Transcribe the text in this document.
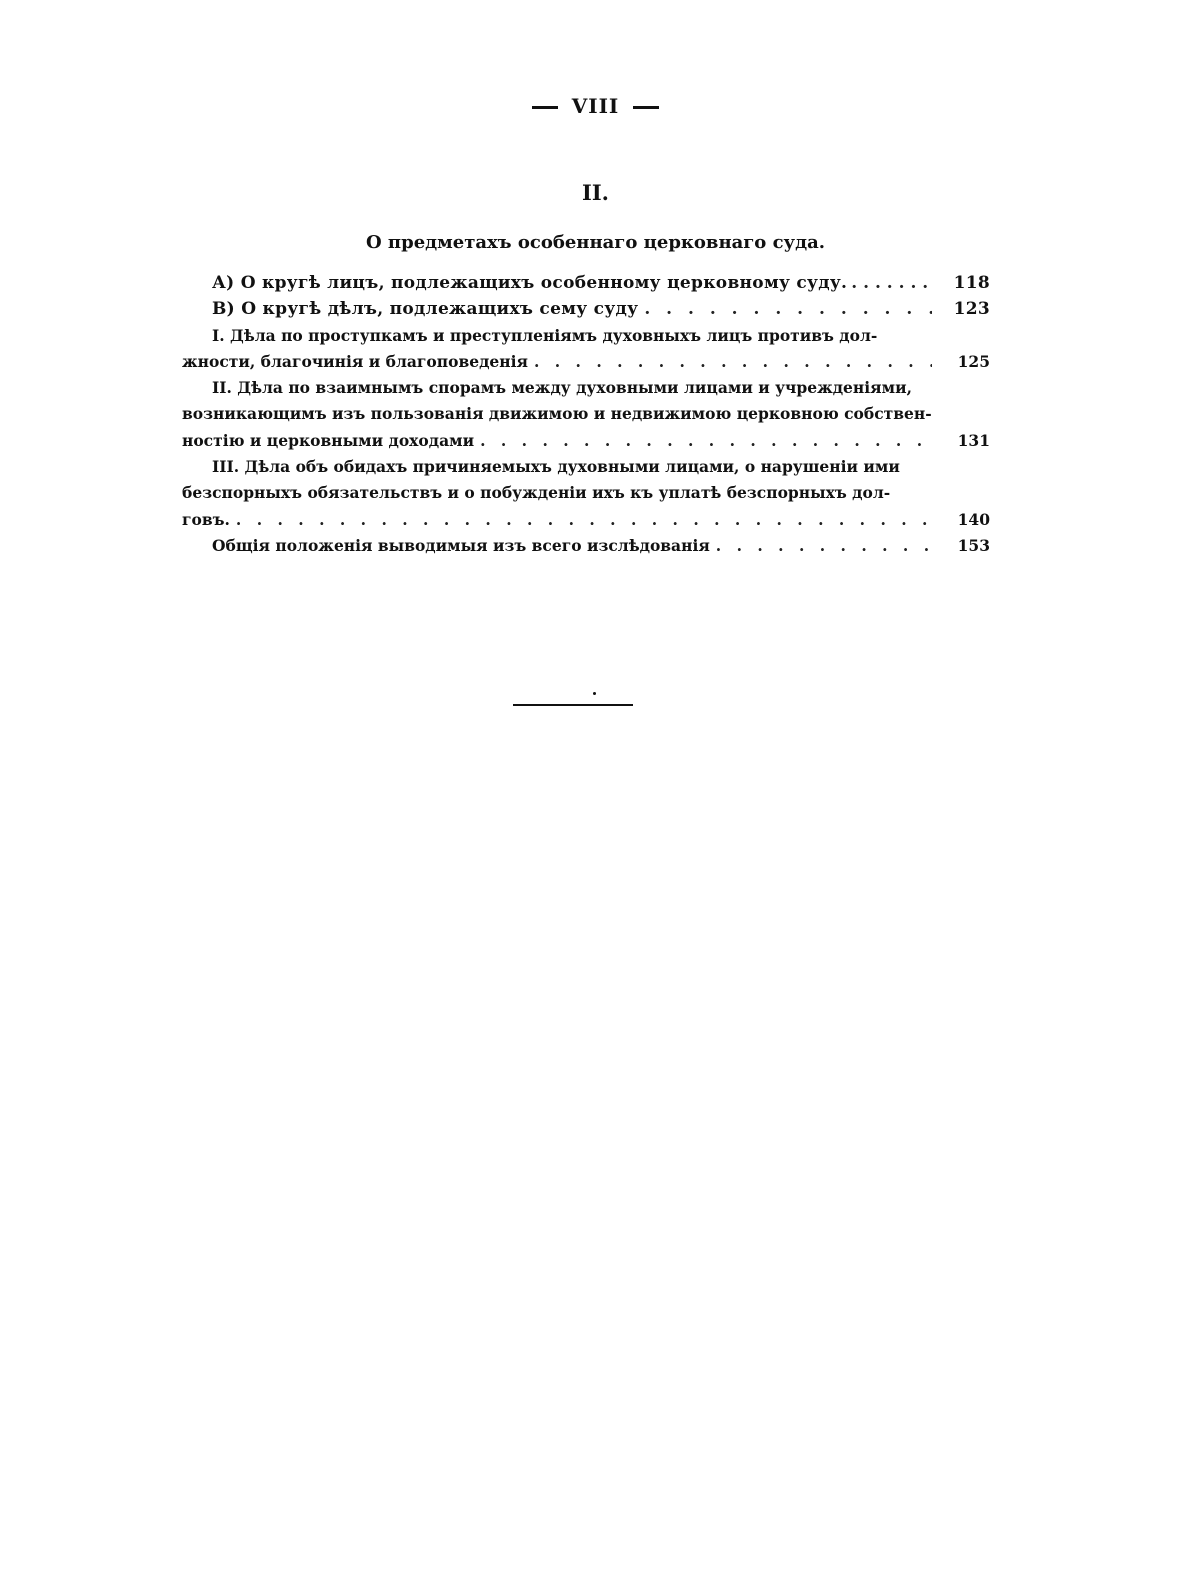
VIII
II.
О предметахъ особеннаго церковнаго суда.
А) О кругѣ лицъ, подлежащихъ особенному церковному суду. . . .	118
В) О кругѣ дѣлъ, подлежащихъ сему суду . . .	123
I. Дѣла по проступкамъ и преступленіямъ духовныхъ лицъ противъ дол-
жности, благочинія и благоповеденія . . .	125
II. Дѣла по взаимнымъ спорамъ между духовными лицами и учрежденіями,
возникающимъ изъ пользованія движимою и недвижимою церковною собствен-
ностію и церковными доходами . . .	131
III. Дѣла объ обидахъ причиняемыхъ духовными лицами, о нарушеніи ими
безспорныхъ обязательствъ и о побужденіи ихъ къ уплатѣ безспорныхъ дол-
говъ. . . .	140
Общія положенія выводимыя изъ всего изслѣдованія . . .	153
